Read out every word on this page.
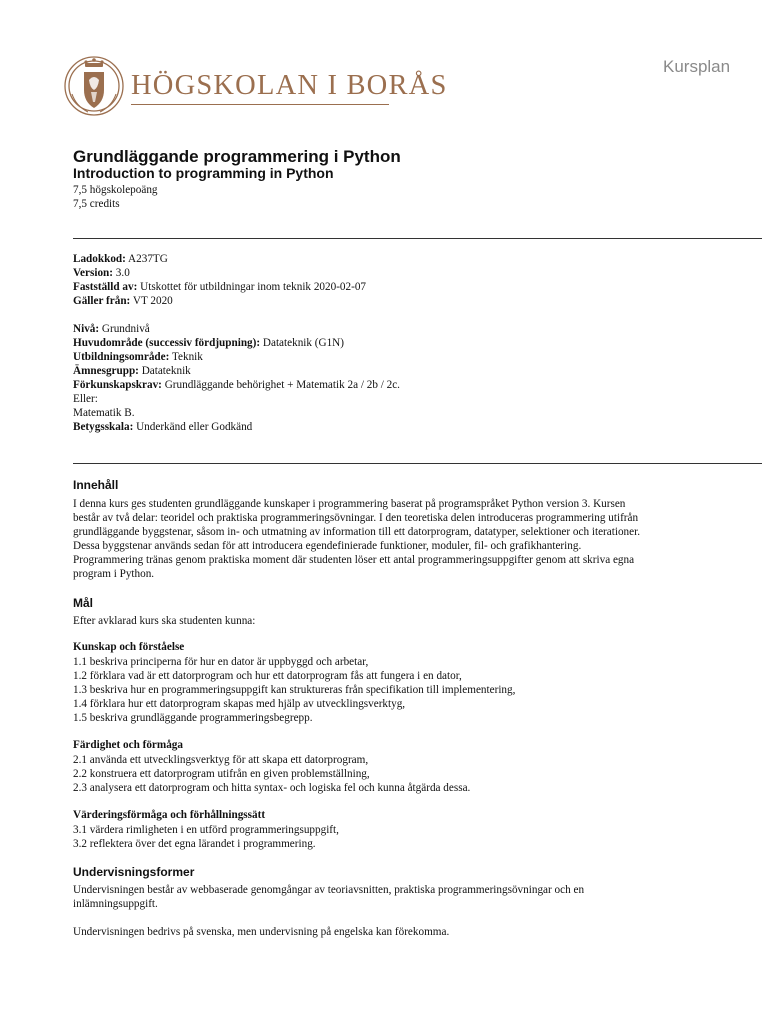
Kursplan
HÖGSKOLAN I BORÅS
Grundläggande programmering i Python
Introduction to programming in Python
7,5 högskolepoäng
7,5 credits
Ladokkod: A237TG
Version: 3.0
Fastställd av: Utskottet för utbildningar inom teknik 2020-02-07
Gäller från: VT 2020
Nivå: Grundnivå
Huvudområde (successiv fördjupning): Datateknik (G1N)
Utbildningsområde: Teknik
Ämnesgrupp: Datateknik
Förkunskapskrav: Grundläggande behörighet + Matematik 2a / 2b / 2c.
Eller:
Matematik B.
Betygsskala: Underkänd eller Godkänd
Innehåll
I denna kurs ges studenten grundläggande kunskaper i programmering baserat på programspråket Python version 3. Kursen
består av två delar: teoridel och praktiska programmeringsövningar. I den teoretiska delen introduceras programmering utifrån
grundläggande byggstenar, såsom in- och utmatning av information till ett datorprogram, datatyper, selektioner och iterationer.
Dessa byggstenar används sedan för att introducera egendefinierade funktioner, moduler, fil- och grafikhantering.
Programmering tränas genom praktiska moment där studenten löser ett antal programmeringsuppgifter genom att skriva egna
program i Python.
Mål
Efter avklarad kurs ska studenten kunna:
Kunskap och förståelse
1.1 beskriva principerna för hur en dator är uppbyggd och arbetar,
1.2 förklara vad är ett datorprogram och hur ett datorprogram fås att fungera i en dator,
1.3 beskriva hur en programmeringsuppgift kan struktureras från specifikation till implementering,
1.4 förklara hur ett datorprogram skapas med hjälp av utvecklingsverktyg,
1.5 beskriva grundläggande programmeringsbegrepp.
Färdighet och förmåga
2.1 använda ett utvecklingsverktyg för att skapa ett datorprogram,
2.2 konstruera ett datorprogram utifrån en given problemställning,
2.3 analysera ett datorprogram och hitta syntax- och logiska fel och kunna åtgärda dessa.
Värderingsförmåga och förhållningssätt
3.1 värdera rimligheten i en utförd programmeringsuppgift,
3.2 reflektera över det egna lärandet i programmering.
Undervisningsformer
Undervisningen består av webbaserade genomgångar av teoriavsnitten, praktiska programmeringsövningar och en
inlämningsuppgift.
Undervisningen bedrivs på svenska, men undervisning på engelska kan förekomma.
